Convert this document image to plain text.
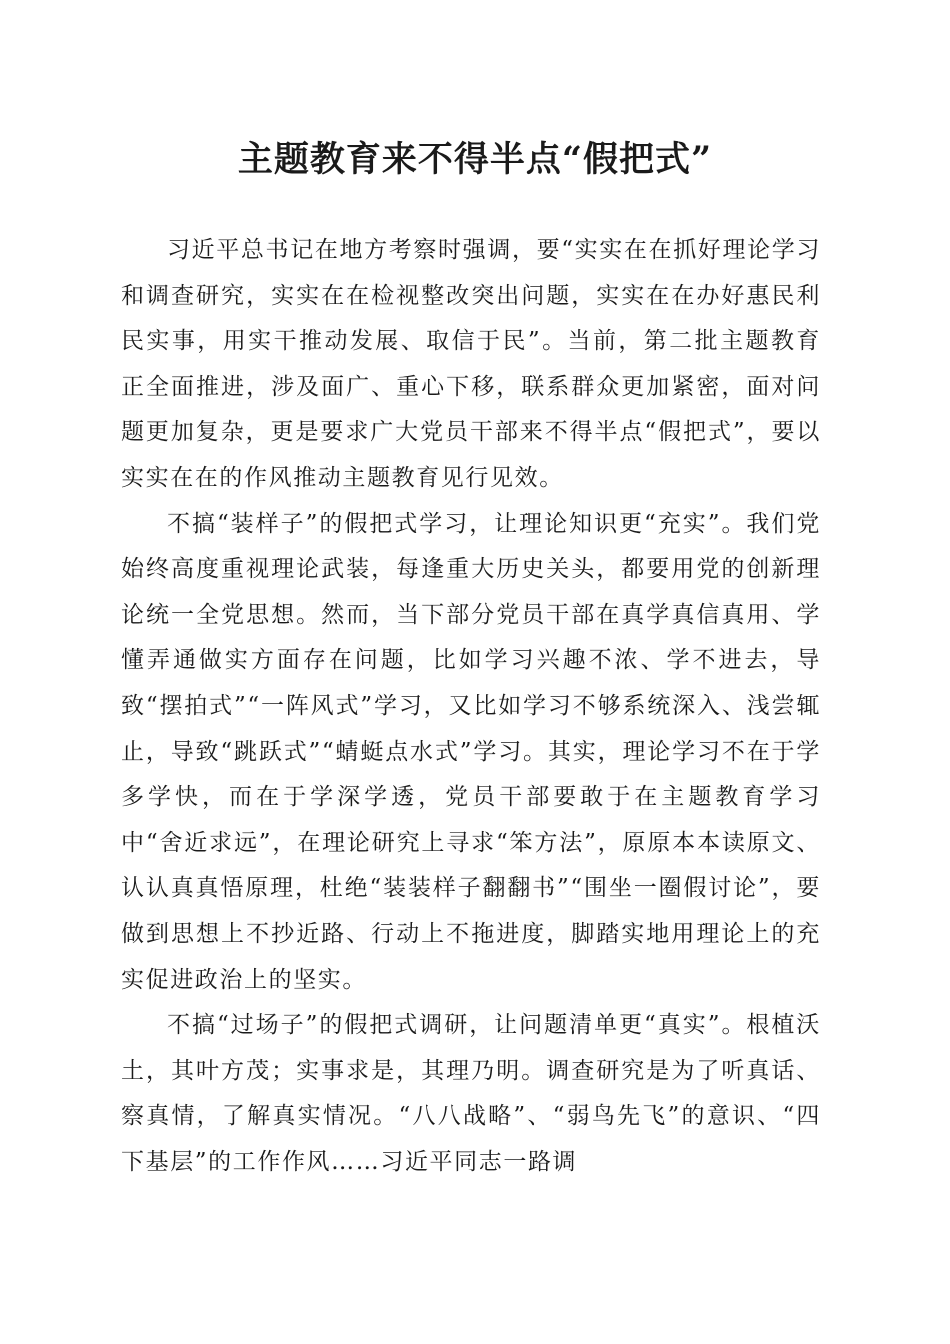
主题教育来不得半点“假把式”

习近平总书记在地方考察时强调，要“实实在在抓好理论学习和调查研究，实实在在检视整改突出问题，实实在在办好惠民利民实事，用实干推动发展、取信于民”。当前，第二批主题教育正全面推进，涉及面广、重心下移，联系群众更加紧密，面对问题更加复杂，更是要求广大党员干部来不得半点“假把式”，要以实实在在的作风推动主题教育见行见效。

不搞“装样子”的假把式学习，让理论知识更“充实”。我们党始终高度重视理论武装，每逢重大历史关头，都要用党的创新理论统一全党思想。然而，当下部分党员干部在真学真信真用、学懂弄通做实方面存在问题，比如学习兴趣不浓、学不进去，导致“摆拍式”“一阵风式”学习，又比如学习不够系统深入、浅尝辄止，导致“跳跃式”“蜻蜓点水式”学习。其实，理论学习不在于学多学快，而在于学深学透，党员干部要敢于在主题教育学习中“舍近求远”，在理论研究上寻求“笨方法”，原原本本读原文、认认真真悟原理，杜绝“装装样子翻翻书”“围坐一圈假讨论”，要做到思想上不抄近路、行动上不拖进度，脚踏实地用理论上的充实促进政治上的坚实。

不搞“过场子”的假把式调研，让问题清单更“真实”。根植沃土，其叶方茂；实事求是，其理乃明。调查研究是为了听真话、察真情，了解真实情况。“八八战略”、“弱鸟先飞”的意识、“四下基层”的工作作风……习近平同志一路调
